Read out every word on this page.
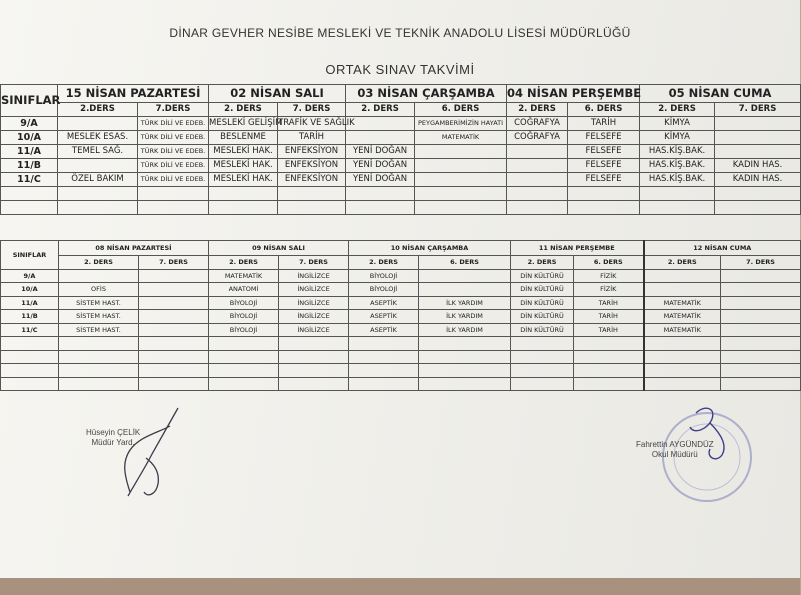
DİNAR GEVHER NESİBE MESLEKİ VE TEKNİK ANADOLU LİSESİ MÜDÜRLÜĞÜ
ORTAK SINAV TAKVİMİ
SINIFLAR	15 NİSAN PAZARTESİ		02 NİSAN SALI		03 NİSAN ÇARŞAMBA		04 NİSAN PERŞEMBE		05 NİSAN CUMA	
	2.DERS	7.DERS	2. DERS	7. DERS	2. DERS	6. DERS	2. DERS	6. DERS	2. DERS	7. DERS
9/A		TÜRK DİLİ VE EDEB.	MESLEKİ GELİŞİM	TRAFİK VE SAĞLIK		PEYGAMBERİMİZİN HAYATI	COĞRAFYA	TARİH	KİMYA	
10/A	MESLEK ESAS.	TÜRK DİLİ VE EDEB.	BESLENME	TARİH		MATEMATİK	COĞRAFYA	FELSEFE	KİMYA	
11/A	TEMEL SAĞ.	TÜRK DİLİ VE EDEB.	MESLEKİ HAK.	ENFEKSİYON	YENİ DOĞAN			FELSEFE	HAS.KİŞ.BAK.	
11/B		TÜRK DİLİ VE EDEB.	MESLEKİ HAK.	ENFEKSİYON	YENİ DOĞAN			FELSEFE	HAS.KİŞ.BAK.	KADIN HAS.
11/C	ÖZEL BAKIM	TÜRK DİLİ VE EDEB.	MESLEKİ HAK.	ENFEKSİYON	YENİ DOĞAN			FELSEFE	HAS.KİŞ.BAK.	KADIN HAS.

SINIFLAR	08 NİSAN PAZARTESİ		09 NİSAN SALI		10 NİSAN ÇARŞAMBA		11 NİSAN PERŞEMBE		12 NİSAN CUMA	
	2. DERS	7. DERS	2. DERS	7. DERS	2. DERS	6. DERS	2. DERS	6. DERS	2. DERS	7. DERS
9/A			MATEMATİK	İNGİLİZCE	BİYOLOJİ		DİN KÜLTÜRÜ	FİZİK		
10/A	OFİS		ANATOMİ	İNGİLİZCE	BİYOLOJİ		DİN KÜLTÜRÜ	FİZİK		
11/A	SİSTEM HAST.		BİYOLOJİ	İNGİLİZCE	ASEPTİK	İLK YARDIM	DİN KÜLTÜRÜ	TARİH	MATEMATİK	
11/B	SİSTEM HAST.		BİYOLOJİ	İNGİLİZCE	ASEPTİK	İLK YARDIM	DİN KÜLTÜRÜ	TARİH	MATEMATİK	
11/C	SİSTEM HAST.		BİYOLOJİ	İNGİLİZCE	ASEPTİK	İLK YARDIM	DİN KÜLTÜRÜ	TARİH	MATEMATİK	

Hüseyin ÇELİK
Müdür Yard.	Fahrettin AYGÜNDÜZ
Okul Müdürü
